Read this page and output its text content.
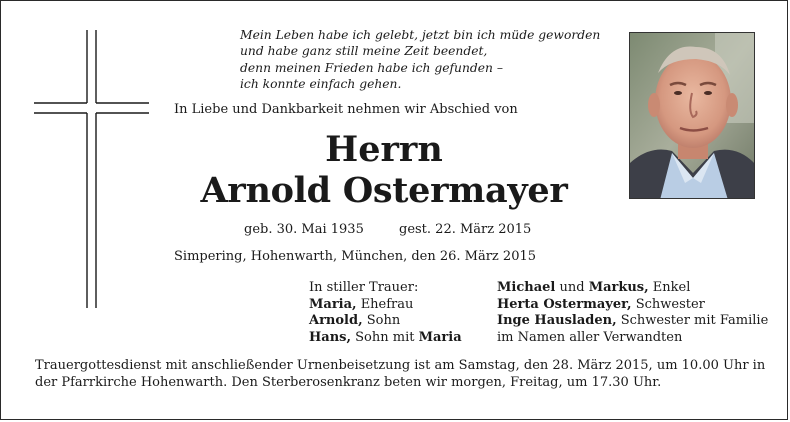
Mein Leben habe ich gelebt, jetzt bin ich müde geworden
und habe ganz still meine Zeit beendet,
denn meinen Frieden habe ich gefunden –
ich konnte einfach gehen.
In Liebe und Dankbarkeit nehmen wir Abschied von
Herrn
Arnold Ostermayer
geb. 30. Mai 1935	gest. 22. März 2015
Simpering, Hohenwarth, München, den 26. März 2015
In stiller Trauer:
Maria, Ehefrau
Arnold, Sohn
Hans, Sohn mit Maria
Michael und Markus, Enkel
Herta Ostermayer, Schwester
Inge Hausladen, Schwester mit Familie
im Namen aller Verwandten
Trauergottesdienst mit anschließender Urnenbeisetzung ist am Samstag, den 28. März 2015, um 10.00 Uhr in
der Pfarrkirche Hohenwarth. Den Sterberosenkranz beten wir morgen, Freitag, um 17.30 Uhr.
